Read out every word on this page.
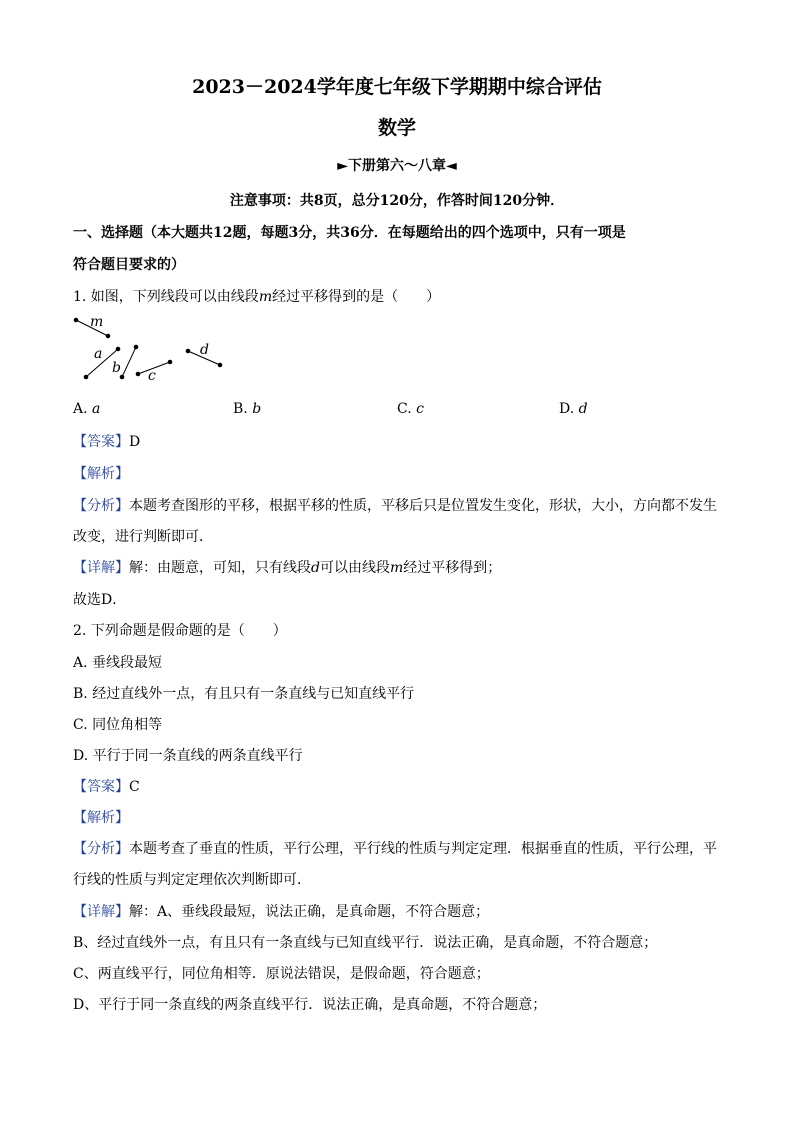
2023－2024学年度七年级下学期期中综合评估
数学
►下册第六～八章◄
注意事项：共8页，总分120分，作答时间120分钟．
一、选择题（本大题共12题，每题3分，共36分．在每题给出的四个选项中，只有一项是
符合题目要求的）
1. 如图，下列线段可以由线段m经过平移得到的是（　　）
m
a
b c
d
A. a	B. b	C. c	D. d
【答案】D
【解析】
【分析】本题考查图形的平移，根据平移的性质，平移后只是位置发生变化，形状，大小，方向都不发生
改变，进行判断即可．
【详解】解：由题意，可知，只有线段d可以由线段m经过平移得到；
故选D．
2. 下列命题是假命题的是（　　）
A. 垂线段最短
B. 经过直线外一点，有且只有一条直线与已知直线平行
C. 同位角相等
D. 平行于同一条直线的两条直线平行
【答案】C
【解析】
【分析】本题考查了垂直的性质，平行公理，平行线的性质与判定定理．根据垂直的性质，平行公理，平
行线的性质与判定定理依次判断即可．
【详解】解：A、垂线段最短，说法正确，是真命题，不符合题意；
B、经过直线外一点，有且只有一条直线与已知直线平行．说法正确，是真命题，不符合题意；
C、两直线平行，同位角相等．原说法错误，是假命题，符合题意；
D、平行于同一条直线的两条直线平行．说法正确，是真命题，不符合题意；
